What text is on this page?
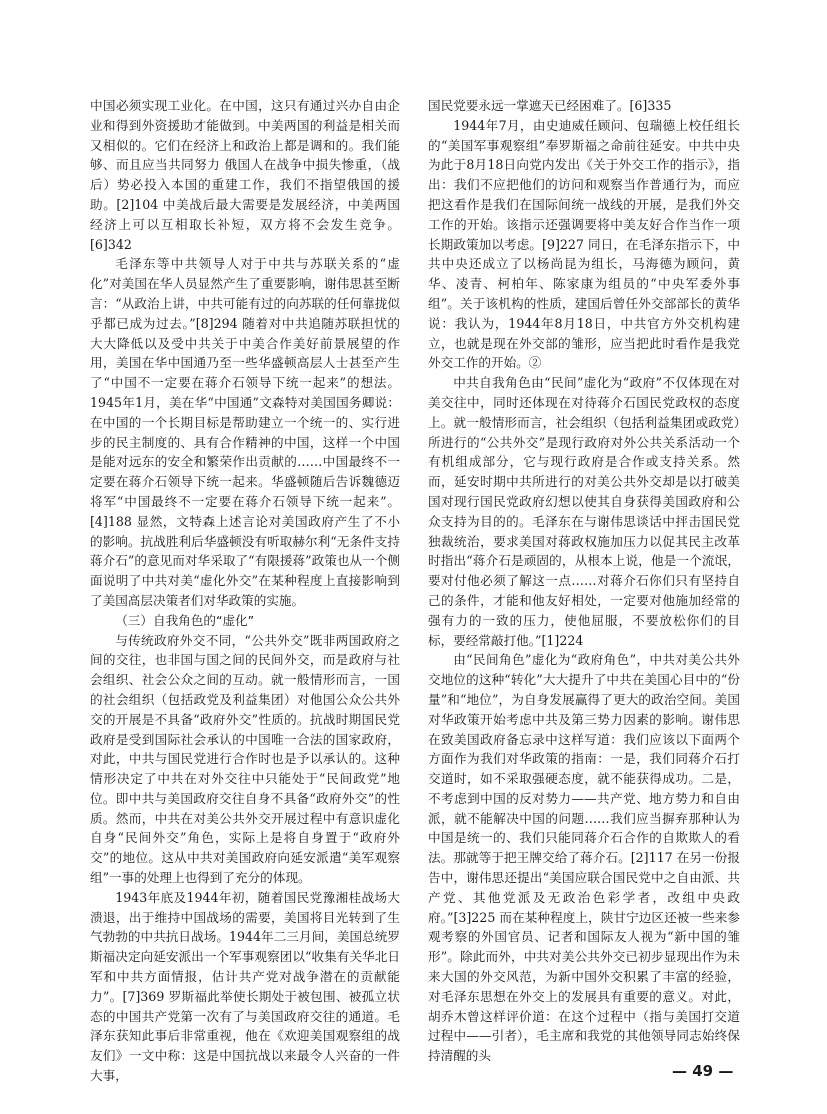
中国必须实现工业化。在中国，这只有通过兴办自由企业和得到外资援助才能做到。中美两国的利益是相关而又相似的。它们在经济上和政治上都是调和的。我们能够、而且应当共同努力 俄国人在战争中损失惨重，（战后）势必投入本国的重建工作，我们不指望俄国的援助。[2]104 中美战后最大需要是发展经济，中美两国经济上可以互相取长补短，双方将不会发生竞争。[6]342

毛泽东等中共领导人对于中共与苏联关系的“虚化”对美国在华人员显然产生了重要影响，谢伟思甚至断言：“从政治上讲，中共可能有过的向苏联的任何靠拢似乎都已成为过去。”[8]294 随着对中共追随苏联担忧的大大降低以及受中共关于中美合作美好前景展望的作用，美国在华中国通乃至一些华盛顿高层人士甚至产生了“中国不一定要在蒋介石领导下统一起来”的想法。1945年1月，美在华“中国通”文森特对美国国务卿说：在中国的一个长期目标是帮助建立一个统一的、实行进步的民主制度的、具有合作精神的中国，这样一个中国是能对远东的安全和繁荣作出贡献的……中国最终不一定要在蒋介石领导下统一起来。华盛顿随后告诉魏德迈将军“中国最终不一定要在蒋介石领导下统一起来”。[4]188 显然，文特森上述言论对美国政府产生了不小的影响。抗战胜利后华盛顿没有听取赫尔利“无条件支持蒋介石”的意见而对华采取了“有限援蒋”政策也从一个侧面说明了中共对美“虚化外交”在某种程度上直接影响到了美国高层决策者们对华政策的实施。

（三）自我角色的“虚化”

与传统政府外交不同，“公共外交”既非两国政府之间的交往，也非国与国之间的民间外交，而是政府与社会组织、社会公众之间的互动。就一般情形而言，一国的社会组织（包括政党及利益集团）对他国公众公共外交的开展是不具备“政府外交”性质的。抗战时期国民党政府是受到国际社会承认的中国唯一合法的国家政府，对此，中共与国民党进行合作时也是予以承认的。这种情形决定了中共在对外交往中只能处于“民间政党”地位。即中共与美国政府交往自身不具备“政府外交”的性质。然而，中共在对美公共外交开展过程中有意识虚化自身“民间外交”角色，实际上是将自身置于“政府外交”的地位。这从中共对美国政府向延安派遣“美军观察组”一事的处理上也得到了充分的体现。

1943年底及1944年初，随着国民党豫湘桂战场大溃退，出于维持中国战场的需要，美国将目光转到了生气勃勃的中共抗日战场。1944年二三月间，美国总统罗斯福决定向延安派出一个军事观察团以“收集有关华北日军和中共方面情报，估计共产党对战争潜在的贡献能力”。[7]369 罗斯福此举使长期处于被包围、被孤立状态的中国共产党第一次有了与美国政府交往的通道。毛泽东获知此事后非常重视，他在《欢迎美国观察组的战友们》一文中称：这是中国抗战以来最令人兴奋的一件大事，

国民党要永远一掌遮天已经困难了。[6]335

1944年7月，由史迪威任顾问、包瑞德上校任组长的“美国军事观察组”奉罗斯福之命前往延安。中共中央为此于8月18日向党内发出《关于外交工作的指示》，指出：我们不应把他们的访问和观察当作普通行为，而应把这看作是我们在国际间统一战线的开展，是我们外交工作的开始。该指示还强调要将中美友好合作当作一项长期政策加以考虑。[9]227 同日，在毛泽东指示下，中共中央还成立了以杨尚昆为组长，马海德为顾问，黄华、凌青、柯柏年、陈家康为组员的“中央军委外事组”。关于该机构的性质，建国后曾任外交部部长的黄华说：我认为，1944年8月18日，中共官方外交机构建立，也就是现在外交部的雏形，应当把此时看作是我党外交工作的开始。②

中共自我角色由“民间”虚化为“政府”不仅体现在对美交往中，同时还体现在对待蒋介石国民党政权的态度上。就一般情形而言，社会组织（包括利益集团或政党）所进行的“公共外交”是现行政府对外公共关系活动一个有机组成部分，它与现行政府是合作或支持关系。然而，延安时期中共所进行的对美公共外交却是以打破美国对现行国民党政府幻想以使其自身获得美国政府和公众支持为目的的。毛泽东在与谢伟思谈话中抨击国民党独裁统治，要求美国对蒋政权施加压力以促其民主改革时指出“蒋介石是顽固的，从根本上说，他是一个流氓，要对付他必须了解这一点……对蒋介石你们只有坚持自己的条件，才能和他友好相处，一定要对他施加经常的强有力的一致的压力，使他屈服，不要放松你们的目标，要经常敲打他。”[1]224

由“民间角色”虚化为“政府角色”，中共对美公共外交地位的这种“转化”大大提升了中共在美国心目中的“份量”和“地位”，为自身发展赢得了更大的政治空间。美国对华政策开始考虑中共及第三势力因素的影响。谢伟思在致美国政府备忘录中这样写道：我们应该以下面两个方面作为我们对华政策的指南：一是，我们同蒋介石打交道时，如不采取强硬态度，就不能获得成功。二是，不考虑到中国的反对势力——共产党、地方势力和自由派，就不能解决中国的问题……我们应当摒弃那种认为中国是统一的、我们只能同蒋介石合作的自欺欺人的看法。那就等于把王牌交给了蒋介石。[2]117 在另一份报告中，谢伟思还提出“美国应联合国民党中之自由派、共产党、其他党派及无政治色彩学者，改组中央政府。”[3]225 而在某种程度上，陕甘宁边区还被一些来参观考察的外国官员、记者和国际友人视为“新中国的雏形”。除此而外，中共对美公共外交已初步显现出作为未来大国的外交风范，为新中国外交积累了丰富的经验，对毛泽东思想在外交上的发展具有重要的意义。对此，胡乔木曾这样评价道：在这个过程中（指与美国打交道过程中——引者），毛主席和我党的其他领导同志始终保持清醒的头

— 49 —
